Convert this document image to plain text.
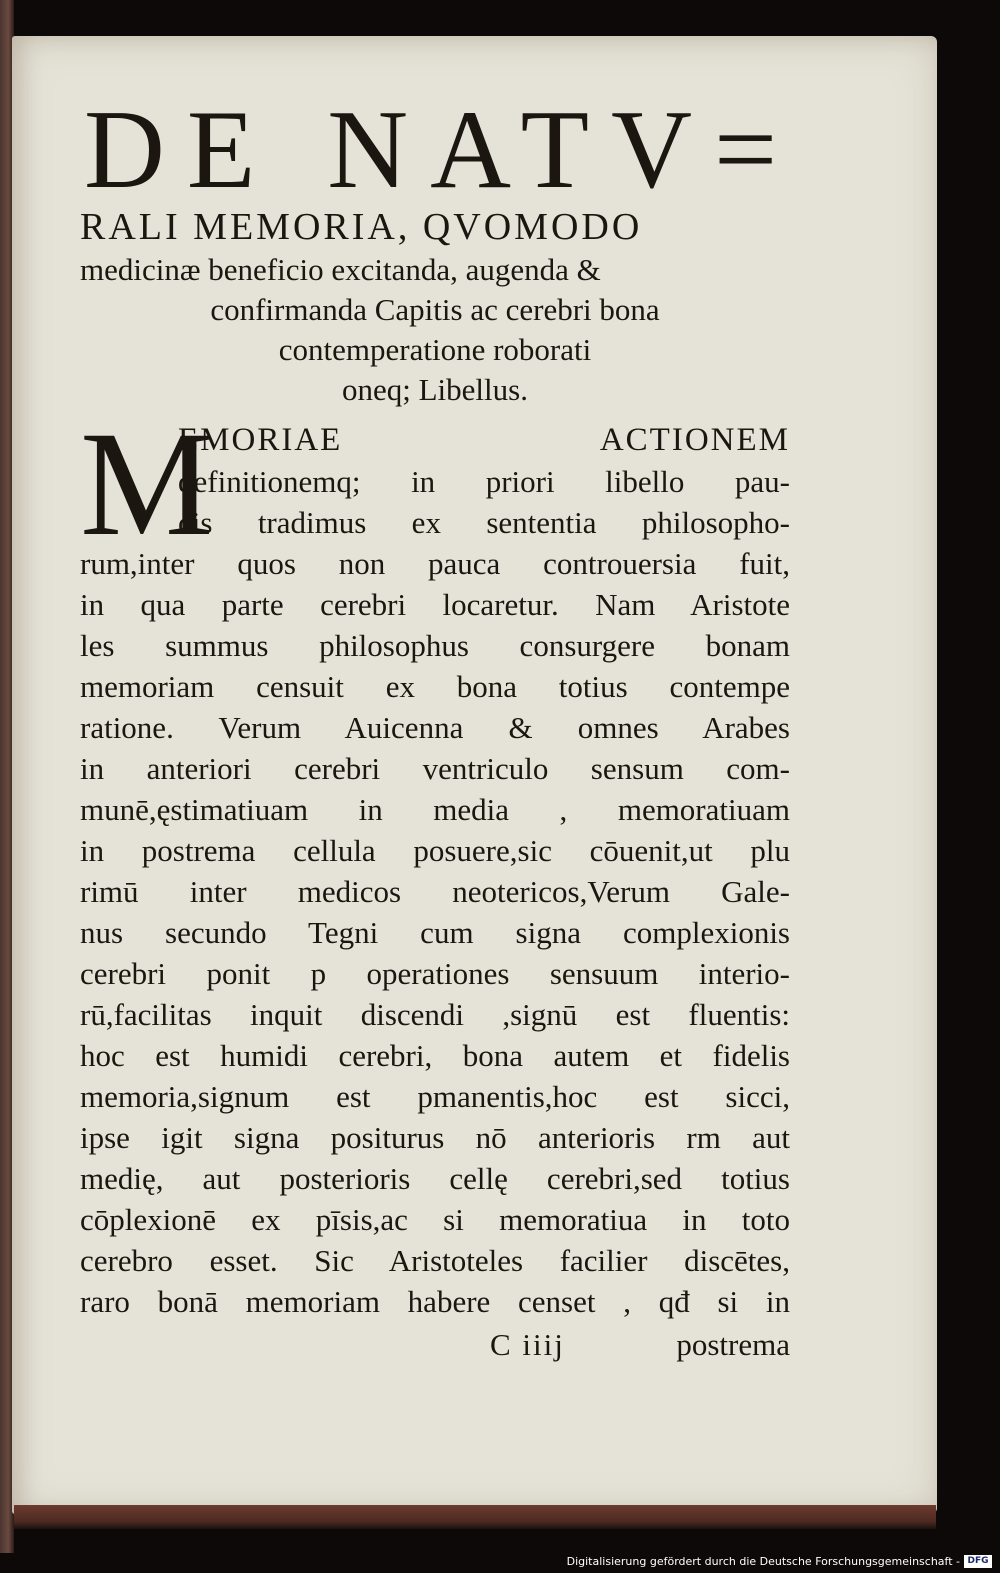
DE NATV=
RALI MEMORIA, QVOMODO
medicinæ beneficio excitanda, augenda &
confirmanda Capitis ac cerebri bona
contemperatione roborati
oneq; Libellus.
M
EMORIAE ACTIONEM
definitionemq; in priori libello pau-
cis tradimus ex sententia philosopho-
rum,inter quos non pauca controuersia fuit,
in qua parte cerebri locaretur. Nam Aristote
les summus philosophus consurgere bonam
memoriam censuit ex bona totius contempe
ratione. Verum Auicenna & omnes Arabes
in anteriori cerebri ventriculo sensum com-
munē,ęstimatiuam in media , memoratiuam
in postrema cellula posuere,sic cōuenit,ut plu
rimū inter medicos neotericos,Verum Gale-
nus secundo Tegni cum signa complexionis
cerebri ponit p operationes sensuum interio-
rū,facilitas inquit discendi ,signū est fluentis:
hoc est humidi cerebri, bona autem et fidelis
memoria,signum est pmanentis,hoc est sicci,
ipse igit signa positurus nō anterioris rm aut
medię, aut posterioris cellę cerebri,sed totius
cōplexionē ex pīsis,ac si memoratiua in toto
cerebro esset. Sic Aristoteles facilier discētes,
raro bonā memoriam habere censet , qđ si in
C iiij	postrema
Digitalisierung gefördert durch die Deutsche Forschungsgemeinschaft - DFG
